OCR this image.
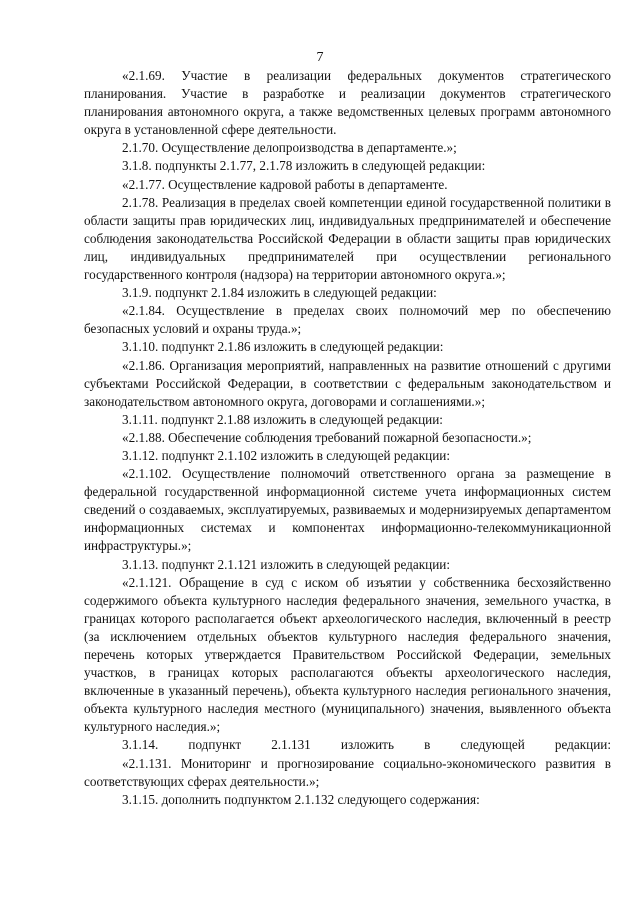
7

«2.1.69. Участие в реализации федеральных документов стратегического планирования. Участие в разработке и реализации документов стратегического планирования автономного округа, а также ведомственных целевых программ автономного округа в установленной сфере деятельности.

2.1.70. Осуществление делопроизводства в департаменте.»;

3.1.8. подпункты 2.1.77, 2.1.78 изложить в следующей редакции:

«2.1.77. Осуществление кадровой работы в департаменте.

2.1.78. Реализация в пределах своей компетенции единой государственной политики в области защиты прав юридических лиц, индивидуальных предпринимателей и обеспечение соблюдения законодательства Российской Федерации в области защиты прав юридических лиц, индивидуальных предпринимателей при осуществлении регионального государственного контроля (надзора) на территории автономного округа.»;

3.1.9. подпункт 2.1.84 изложить в следующей редакции:

«2.1.84. Осуществление в пределах своих полномочий мер по обеспечению безопасных условий и охраны труда.»;

3.1.10. подпункт 2.1.86 изложить в следующей редакции:

«2.1.86. Организация мероприятий, направленных на развитие отношений с другими субъектами Российской Федерации, в соответствии с федеральным законодательством и законодательством автономного округа, договорами и соглашениями.»;

3.1.11. подпункт 2.1.88 изложить в следующей редакции:

«2.1.88. Обеспечение соблюдения требований пожарной безопасности.»;

3.1.12. подпункт 2.1.102 изложить в следующей редакции:

«2.1.102. Осуществление полномочий ответственного органа за размещение в федеральной государственной информационной системе учета информационных систем сведений о создаваемых, эксплуатируемых, развиваемых и модернизируемых департаментом информационных системах и компонентах информационно-телекоммуникационной инфраструктуры.»;

3.1.13. подпункт 2.1.121 изложить в следующей редакции:

«2.1.121. Обращение в суд с иском об изъятии у собственника бесхозяйственно содержимого объекта культурного наследия федерального значения, земельного участка, в границах которого располагается объект археологического наследия, включенный в реестр (за исключением отдельных объектов культурного наследия федерального значения, перечень которых утверждается Правительством Российской Федерации, земельных участков, в границах которых располагаются объекты археологического наследия, включенные в указанный перечень), объекта культурного наследия регионального значения, объекта культурного наследия местного (муниципального) значения, выявленного объекта культурного наследия.»;

3.1.14. подпункт 2.1.131 изложить в следующей редакции:

«2.1.131. Мониторинг и прогнозирование социально-экономического развития в соответствующих сферах деятельности.»;

3.1.15. дополнить подпунктом 2.1.132 следующего содержания:
